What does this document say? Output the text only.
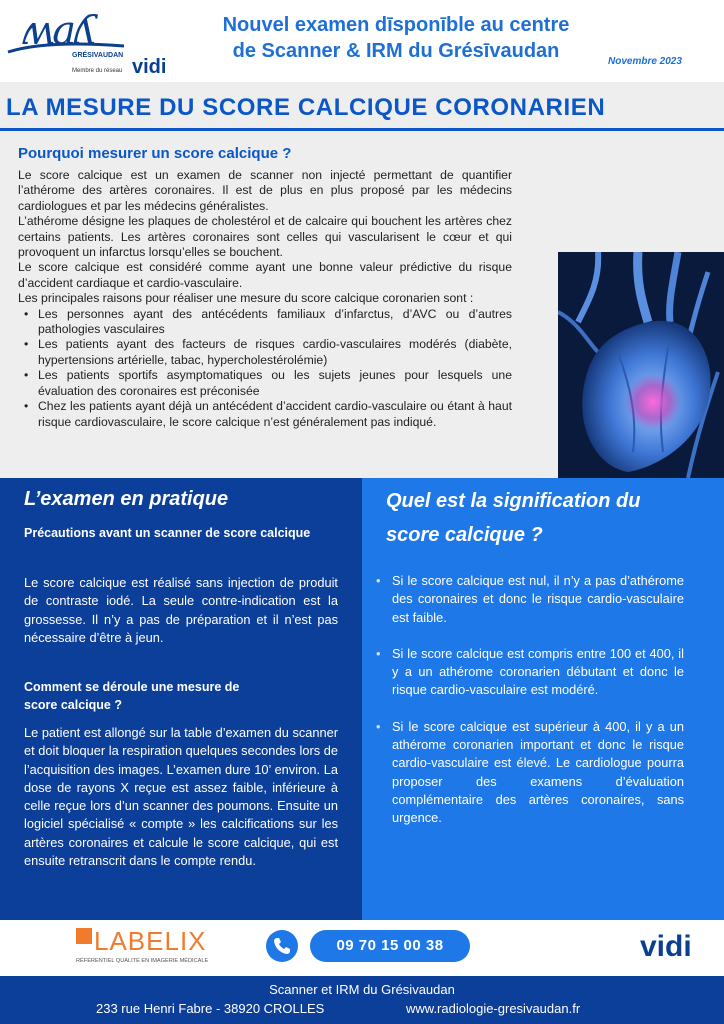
ʍaʎ
GRÉSIVAUDAN
Membre du réseau vidi
Nouvel examen dīsponīble au centre
de Scanner & IRM du Grésīvaudan	Novembre 2023
LA MESURE DU SCORE CALCIQUE CORONARIEN
Pourquoi mesurer un score calcique ?

Le score calcique est un examen de scanner non injecté permettant de quantifier l’athérome des artères coronaires. Il est de plus en plus proposé par les médecins cardiologues et par les médecins généralistes.

L’athérome désigne les plaques de cholestérol et de calcaire qui bouchent les artères chez certains patients. Les artères coronaires sont celles qui vascularisent le cœur et qui provoquent un infarctus lorsqu’elles se bouchent.

Le score calcique est considéré comme ayant une bonne valeur prédictive du risque d’accident cardiaque et cardio-vasculaire.

Les principales raisons pour réaliser une mesure du score calcique coronarien sont :

• Les personnes ayant des antécédents familiaux d’infarctus, d’AVC ou d’autres pathologies vasculaires
• Les patients ayant des facteurs de risques cardio-vasculaires modérés (diabète, hypertensions artérielle, tabac, hypercholestérolémie)
• Les patients sportifs asymptomatiques ou les sujets jeunes pour lesquels une évaluation des coronaires est préconisée
• Chez les patients ayant déjà un antécédent d’accident cardio-vasculaire ou étant à haut risque cardiovasculaire, le score calcique n’est généralement pas indiqué.
L’examen en pratique
Précautions avant un scanner de score calcique
Le score calcique est réalisé sans injection de produit de contraste iodé. La seule contre-indication est la grossesse. Il n’y a pas de préparation et il n’est pas nécessaire d’être à jeun.
Comment se déroule une mesure de score calcique ?
Le patient est allongé sur la table d’examen du scanner et doit bloquer la respiration quelques secondes lors de l’acquisition des images. L’examen dure 10’ environ. La dose de rayons X reçue est assez faible, inférieure à celle reçue lors d’un scanner des poumons. Ensuite un logiciel spécialisé « compte » les calcifications sur les artères coronaires et calcule le score calcique, qui est ensuite retranscrit dans le compte rendu.
Quel est la signification du
score calcique ?
• Si le score calcique est nul, il n’y a pas d’athérome des coronaires et donc le risque cardio-vasculaire est faible.
• Si le score calcique est compris entre 100 et 400, il y a un athérome coronarien débutant et donc le risque cardio-vasculaire est modéré.
• Si le score calcique est supérieur à 400, il y a un athérome coronarien important et donc le risque cardio-vasculaire est élevé. Le cardiologue pourra proposer des examens d’évaluation complémentaire des artères coronaires, sans urgence.
LABELIX
RÉFÉRENTIEL QUALITÉ EN IMAGERIE MÉDICALE
09 70 15 00 38	vidi
Scanner et IRM du Grésivaudan
233 rue Henri Fabre - 38920 CROLLES	www.radiologie-gresivaudan.fr
